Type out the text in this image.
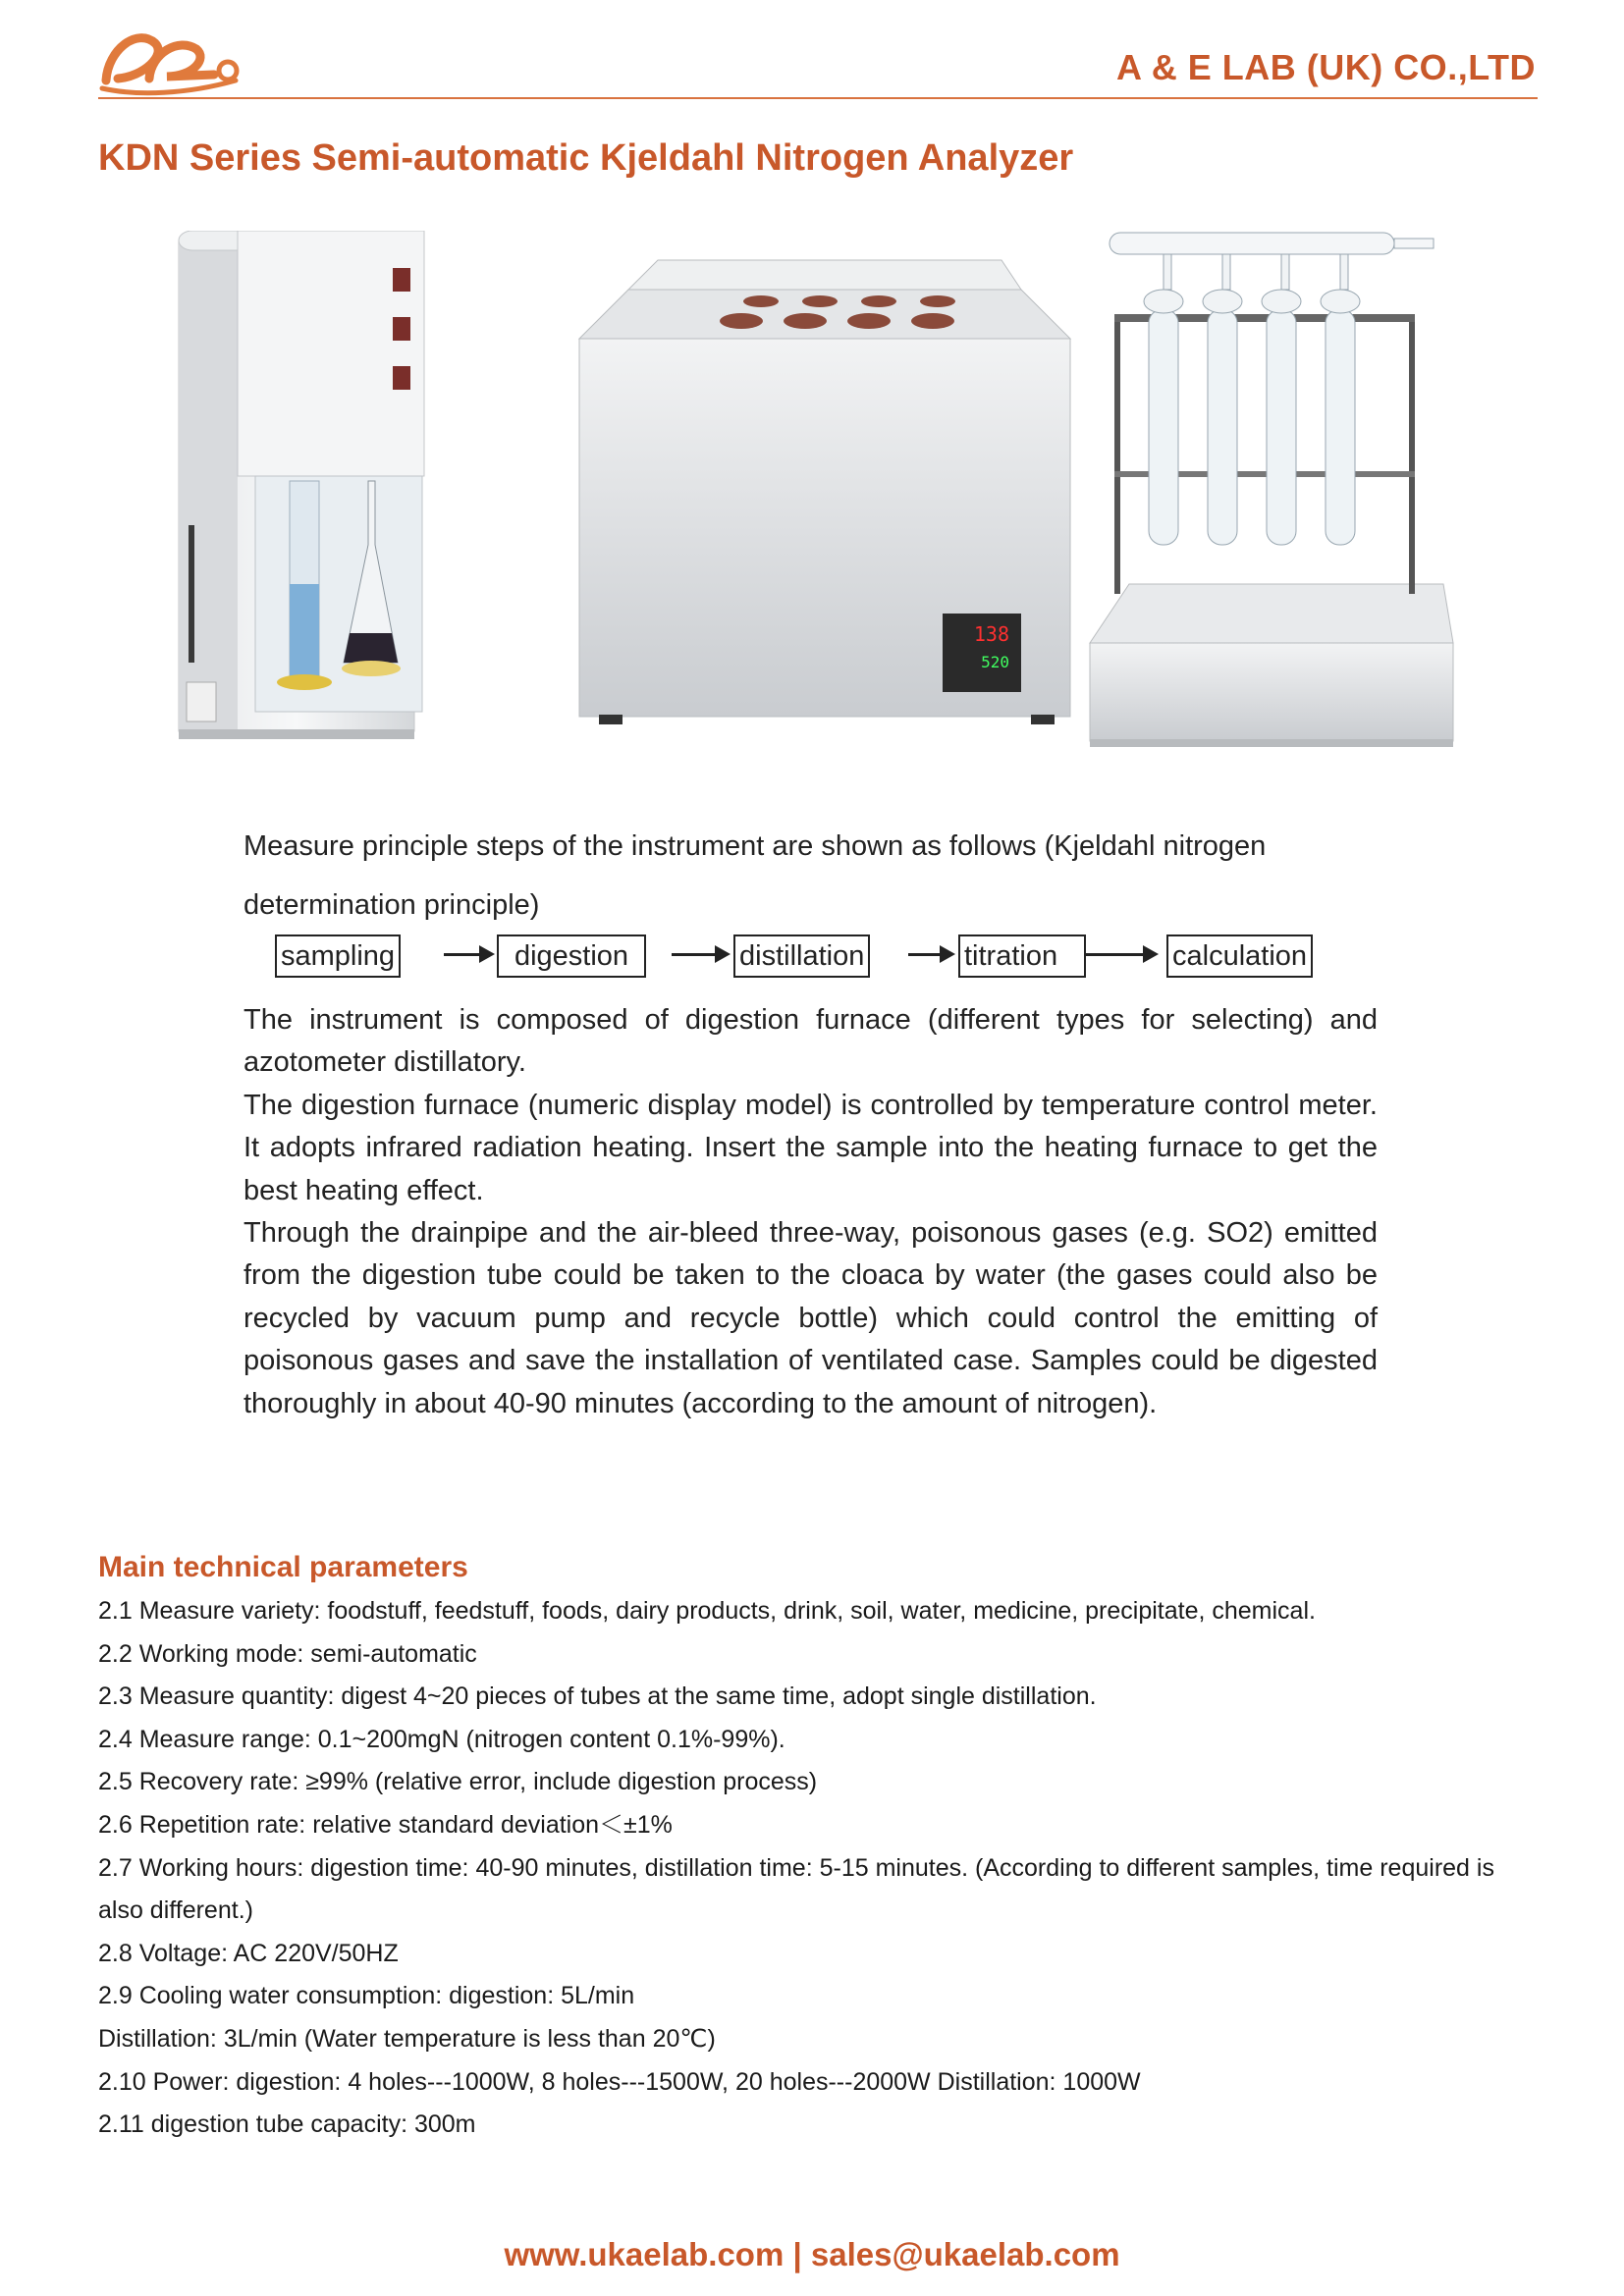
A & E LAB (UK) CO.,LTD
KDN Series Semi-automatic Kjeldahl Nitrogen Analyzer
138
520
Measure principle steps of the instrument are shown as follows (Kjeldahl nitrogen determination principle)
sampling	digestion	distillation	titration	calculation

The instrument is composed of digestion furnace (different types for selecting) and azotometer distillatory.

The digestion furnace (numeric display model) is controlled by temperature control meter. It adopts infrared radiation heating. Insert the sample into the heating furnace to get the best heating effect.

Through the drainpipe and the air-bleed three-way, poisonous gases (e.g. SO2) emitted from the digestion tube could be taken to the cloaca by water (the gases could also be recycled by vacuum pump and recycle bottle) which could control the emitting of poisonous gases and save the installation of ventilated case. Samples could be digested thoroughly in about 40-90 minutes (according to the amount of nitrogen).

Main technical parameters

2.1 Measure variety: foodstuff, feedstuff, foods, dairy products, drink, soil, water, medicine, precipitate, chemical.

2.2 Working mode: semi-automatic

2.3 Measure quantity: digest 4~20 pieces of tubes at the same time, adopt single distillation.

2.4 Measure range: 0.1~200mgN (nitrogen content 0.1%-99%).

2.5 Recovery rate: ≥99% (relative error, include digestion process)

2.6 Repetition rate: relative standard deviation＜±1%

2.7 Working hours: digestion time: 40-90 minutes, distillation time: 5-15 minutes. (According to different samples, time required is also different.)

2.8 Voltage: AC 220V/50HZ

2.9 Cooling water consumption: digestion: 5L/min

Distillation: 3L/min (Water temperature is less than 20℃)

2.10 Power: digestion: 4 holes---1000W, 8 holes---1500W, 20 holes---2000W Distillation: 1000W

2.11 digestion tube capacity: 300m

www.ukaelab.com | sales@ukaelab.com
